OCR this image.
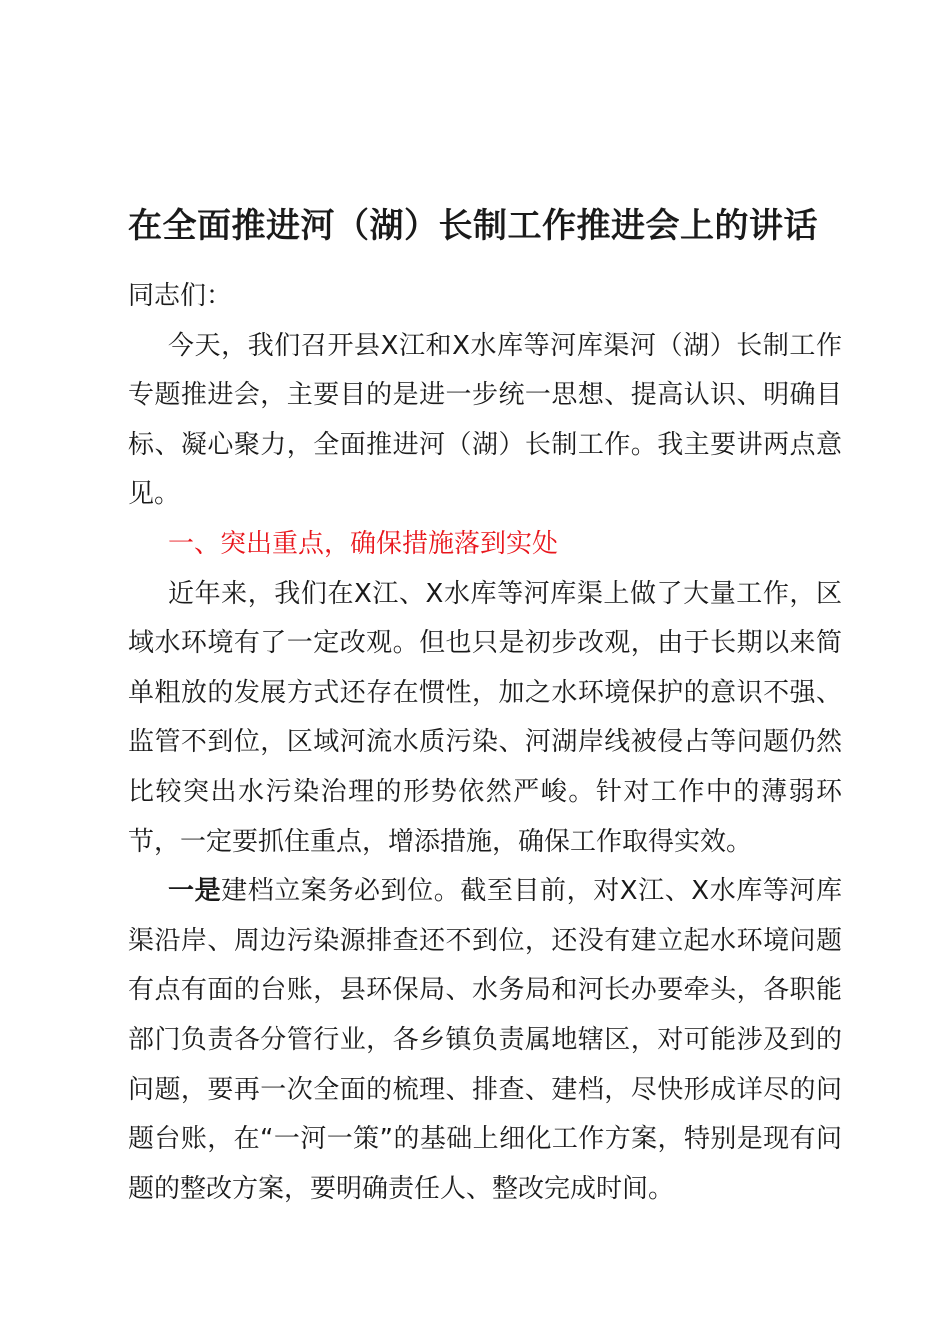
在全面推进河（湖）长制工作推进会上的讲话

同志们：

今天，我们召开县X江和X水库等河库渠河（湖）长制工作专题推进会，主要目的是进一步统一思想、提高认识、明确目标、凝心聚力，全面推进河（湖）长制工作。我主要讲两点意见。

一、突出重点，确保措施落到实处

近年来，我们在X江、X水库等河库渠上做了大量工作，区域水环境有了一定改观。但也只是初步改观，由于长期以来简单粗放的发展方式还存在惯性，加之水环境保护的意识不强、监管不到位，区域河流水质污染、河湖岸线被侵占等问题仍然比较突出水污染治理的形势依然严峻。针对工作中的薄弱环节，一定要抓住重点，增添措施，确保工作取得实效。

一是建档立案务必到位。截至目前，对X江、X水库等河库渠沿岸、周边污染源排查还不到位，还没有建立起水环境问题有点有面的台账，县环保局、水务局和河长办要牵头，各职能部门负责各分管行业，各乡镇负责属地辖区，对可能涉及到的问题，要再一次全面的梳理、排查、建档，尽快形成详尽的问题台账，在“一河一策”的基础上细化工作方案，特别是现有问题的整改方案，要明确责任人、整改完成时间。
